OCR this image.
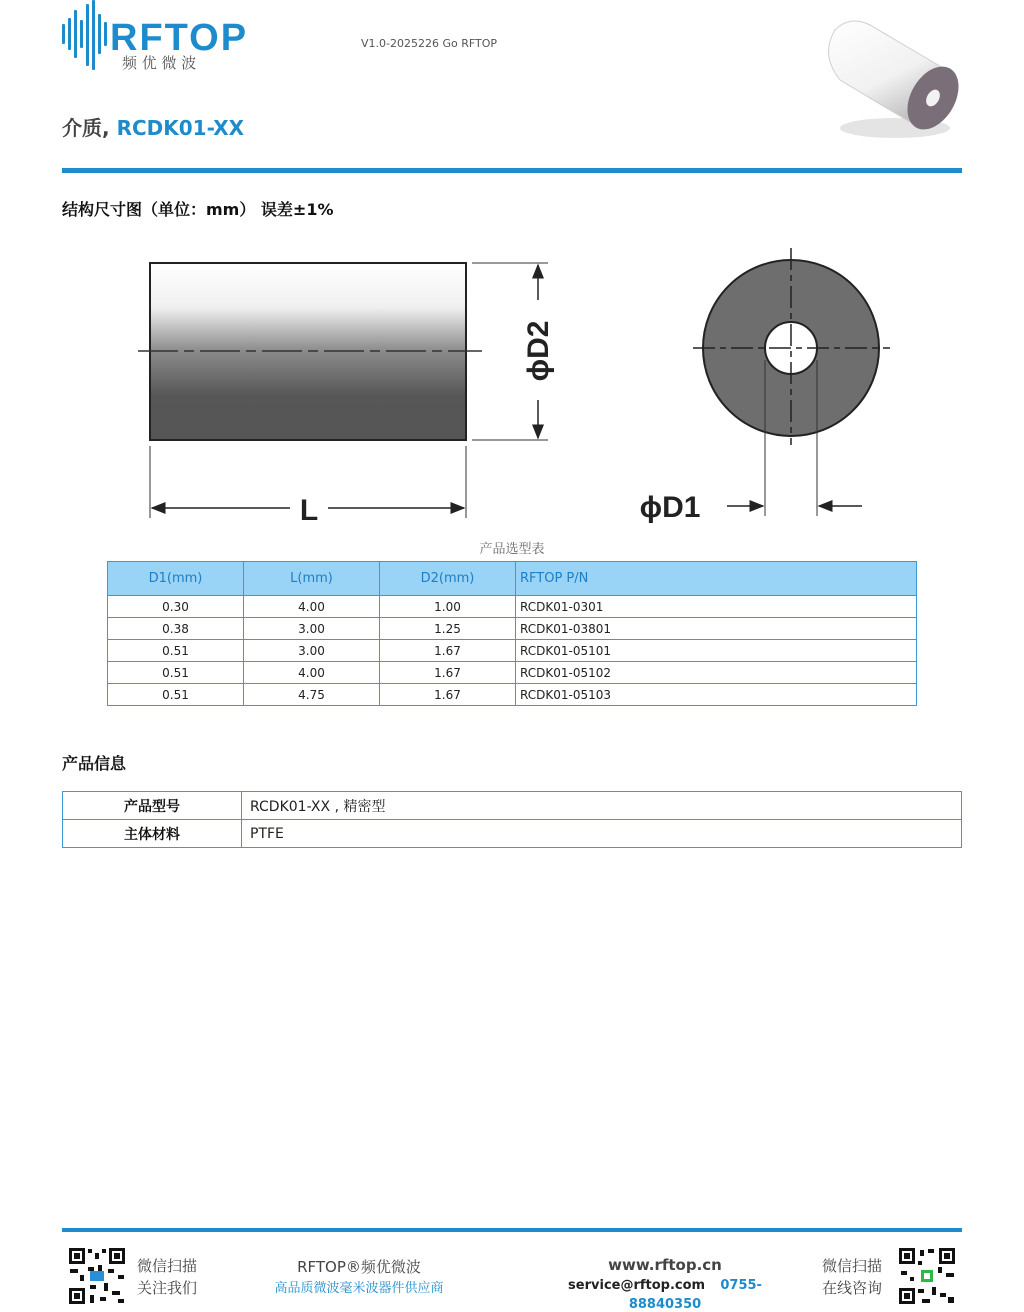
RFTOP
频 优 微 波
V1.0-2025226 Go RFTOP
介质, RCDK01-XX
结构尺寸图（单位：mm） 误差±1%
ϕD2
L	ϕD1
产品选型表
D1(mm)	L(mm)	D2(mm)	RFTOP P/N
0.30	4.00	1.00	RCDK01-0301
0.38	3.00	1.25	RCDK01-03801
0.51	3.00	1.67	RCDK01-05101
0.51	4.00	1.67	RCDK01-05102
0.51	4.75	1.67	RCDK01-05103
产品信息
产品型号	RCDK01-XX , 精密型
主体材料	PTFE
微信扫描
关注我们
RFTOP®频优微波
高品质微波毫米波器件供应商
www.rftop.cn
service@rftop.com 0755-88840350
微信扫描
在线咨询
